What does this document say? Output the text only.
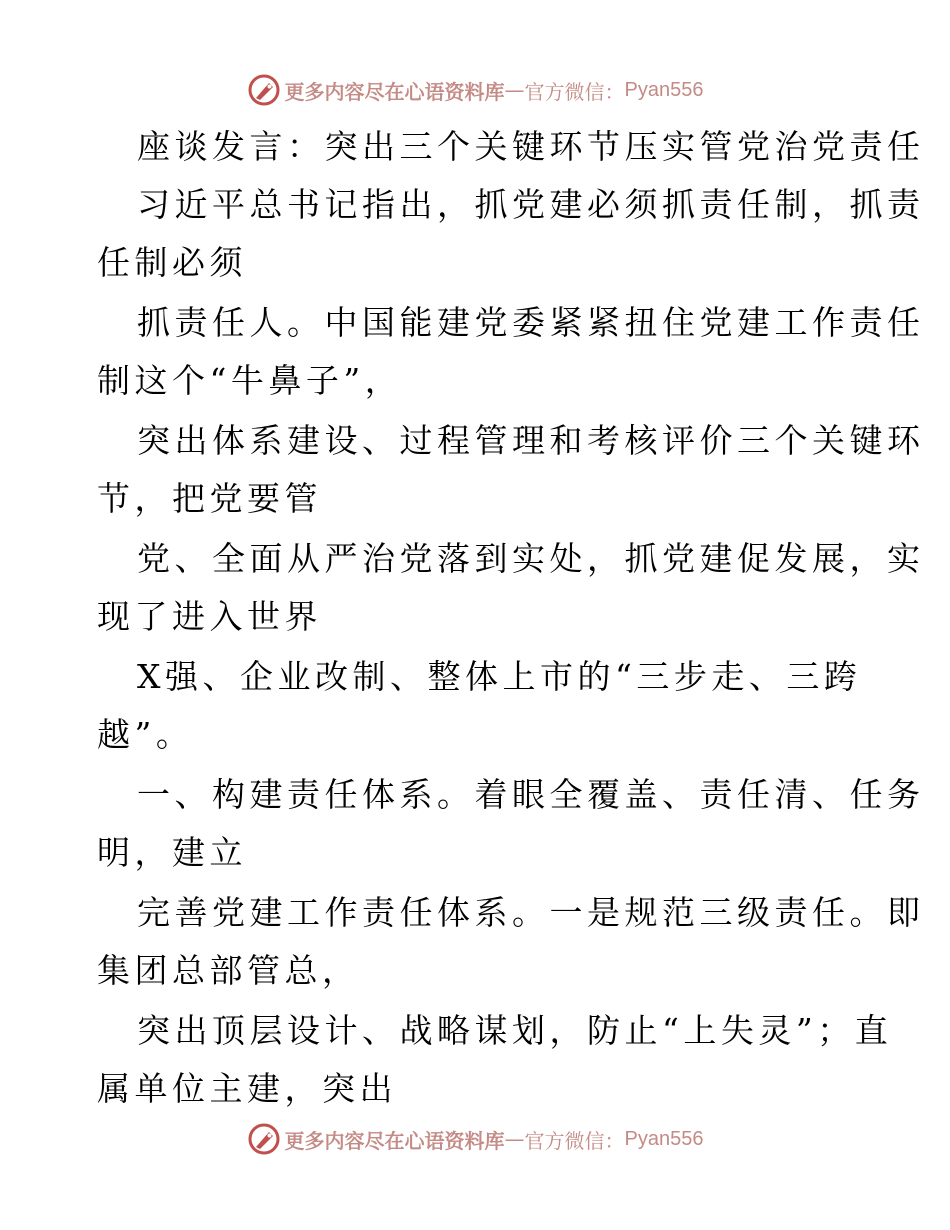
更多内容尽在心语资料库 — 官方微信： Pyan556
座谈发言：突出三个关键环节压实管党治党责任
习近平总书记指出，抓党建必须抓责任制，抓责
任制必须
抓责任人。中国能建党委紧紧扭住党建工作责任
制这个“牛鼻子”，
突出体系建设、过程管理和考核评价三个关键环
节，把党要管
党、全面从严治党落到实处，抓党建促发展，实
现了进入世界
X强、企业改制、整体上市的“三步走、三跨
越”。
一、构建责任体系。着眼全覆盖、责任清、任务
明，建立
完善党建工作责任体系。一是规范三级责任。即
集团总部管总，
突出顶层设计、战略谋划，防止“上失灵”；直
属单位主建，突出
更多内容尽在心语资料库 — 官方微信： Pyan556
